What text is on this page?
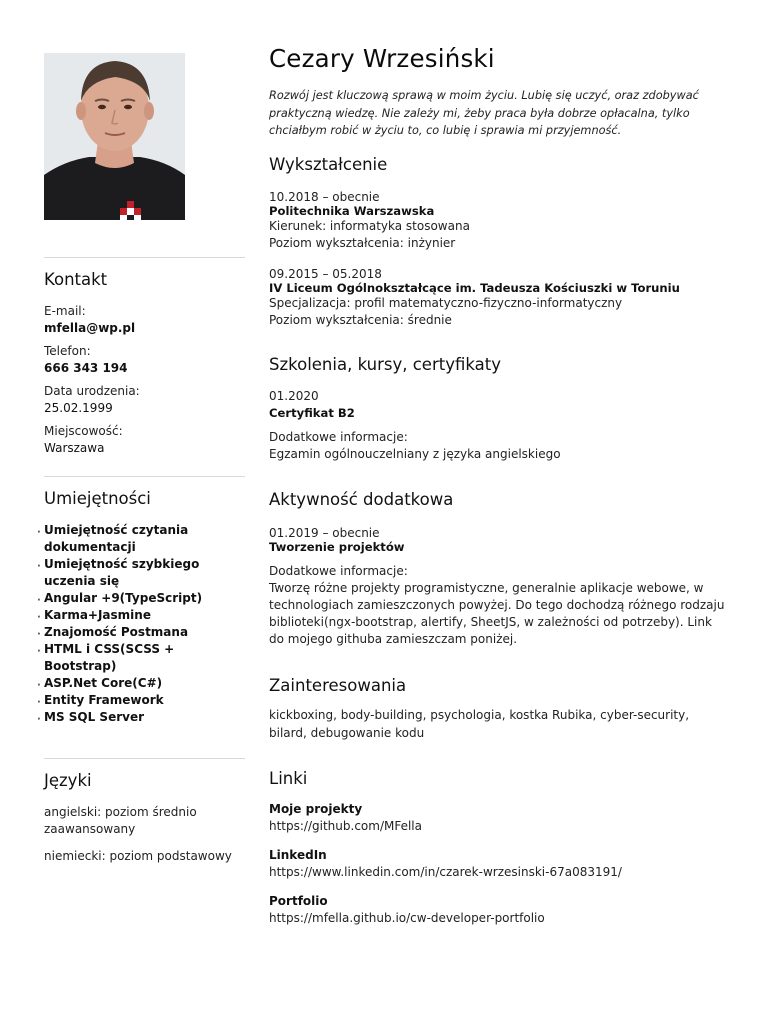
Kontakt
E-mail:
mfella@wp.pl
Telefon:
666 343 194
Data urodzenia:
25.02.1999
Miejscowość:
Warszawa
Umiejętności
· Umiejętność czytania dokumentacji
· Umiejętność szybkiego uczenia się
· Angular +9(TypeScript)
· Karma+Jasmine
· Znajomość Postmana
· HTML i CSS(SCSS + Bootstrap)
· ASP.Net Core(C#)
· Entity Framework
· MS SQL Server
Języki
angielski: poziom średnio zaawansowany
niemiecki: poziom podstawowy
Cezary Wrzesiński
Rozwój jest kluczową sprawą w moim życiu. Lubię się uczyć, oraz zdobywać praktyczną wiedzę. Nie zależy mi, żeby praca była dobrze opłacalna, tylko chciałbym robić w życiu to, co lubię i sprawia mi przyjemność.
Wykształcenie
10.2018 – obecnie
Politechnika Warszawska
Kierunek: informatyka stosowana
Poziom wykształcenia: inżynier
09.2015 – 05.2018
IV Liceum Ogólnokształcące im. Tadeusza Kościuszki w Toruniu
Specjalizacja: profil matematyczno-fizyczno-informatyczny
Poziom wykształcenia: średnie
Szkolenia, kursy, certyfikaty
01.2020
Certyfikat B2
Dodatkowe informacje:
Egzamin ogólnouczelniany z języka angielskiego
Aktywność dodatkowa
01.2019 – obecnie
Tworzenie projektów
Dodatkowe informacje:
Tworzę różne projekty programistyczne, generalnie aplikacje webowe, w technologiach zamieszczonych powyżej. Do tego dochodzą różnego rodzaju biblioteki(ngx-bootstrap, alertify, SheetJS, w zależności od potrzeby). Link do mojego githuba zamieszczam poniżej.
Zainteresowania
kickboxing, body-building, psychologia, kostka Rubika, cyber-security, bilard, debugowanie kodu
Linki
Moje projekty
https://github.com/MFella
LinkedIn
https://www.linkedin.com/in/czarek-wrzesinski-67a083191/
Portfolio
https://mfella.github.io/cw-developer-portfolio
